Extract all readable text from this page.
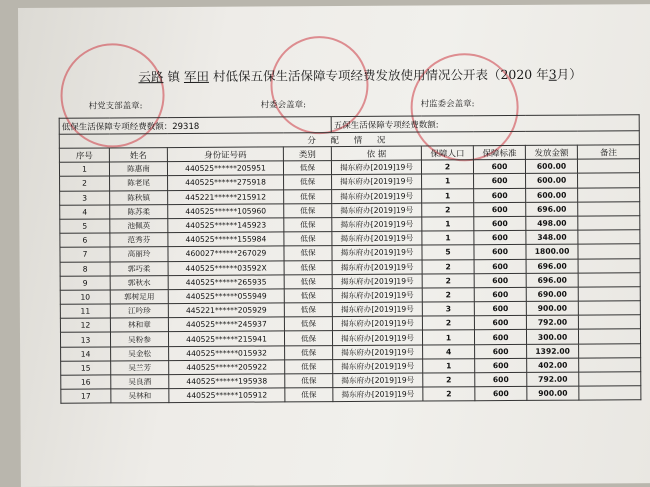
云路 镇 军田 村低保五保生活保障专项经费发放使用情况公开表（2020 年3月）
村党支部盖章:	村委会盖章:	村监委会盖章:
低保生活保障专项经费数额：29318				五保生活保障专项经费数额:				
分 配 情 况								
序号	姓名	身份证号码	类别	依 据	保障人口	保障标准	发放金额	备注
1	陈惠南	440525******205951	低保	揭东府办[2019]19号	2	600	600.00	
2	陈老尾	440525******275918	低保	揭东府办[2019]19号	1	600	600.00	
3	陈秋镇	445221******215912	低保	揭东府办[2019]19号	1	600	600.00	
4	陈苏柔	440525******105960	低保	揭东府办[2019]19号	2	600	696.00	
5	池佩英	440525******145923	低保	揭东府办[2019]19号	1	600	498.00	
6	范秀芬	440525******155984	低保	揭东府办[2019]19号	1	600	348.00	
7	高丽玲	460027******267029	低保	揭东府办[2019]19号	5	600	1800.00	
8	郭巧柔	440525******03592X	低保	揭东府办[2019]19号	2	600	696.00	
9	郭秋水	440525******265935	低保	揭东府办[2019]19号	2	600	696.00	
10	郭树足用	440525******055949	低保	揭东府办[2019]19号	2	600	690.00	
11	江吟珍	445221******205929	低保	揭东府办[2019]19号	3	600	900.00	
12	林和章	440525******245937	低保	揭东府办[2019]19号	2	600	792.00	
13	吴粉参	440525******215941	低保	揭东府办[2019]19号	1	600	300.00	
14	吴金松	440525******015932	低保	揭东府办[2019]19号	4	600	1392.00	
15	吴兰芳	440525******205922	低保	揭东府办[2019]19号	1	600	402.00	
16	吴良酒	440525******195938	低保	揭东府办[2019]19号	2	600	792.00	
17	吴林和	440525******105912	低保	揭东府办[2019]19号	2	600	900.00	
